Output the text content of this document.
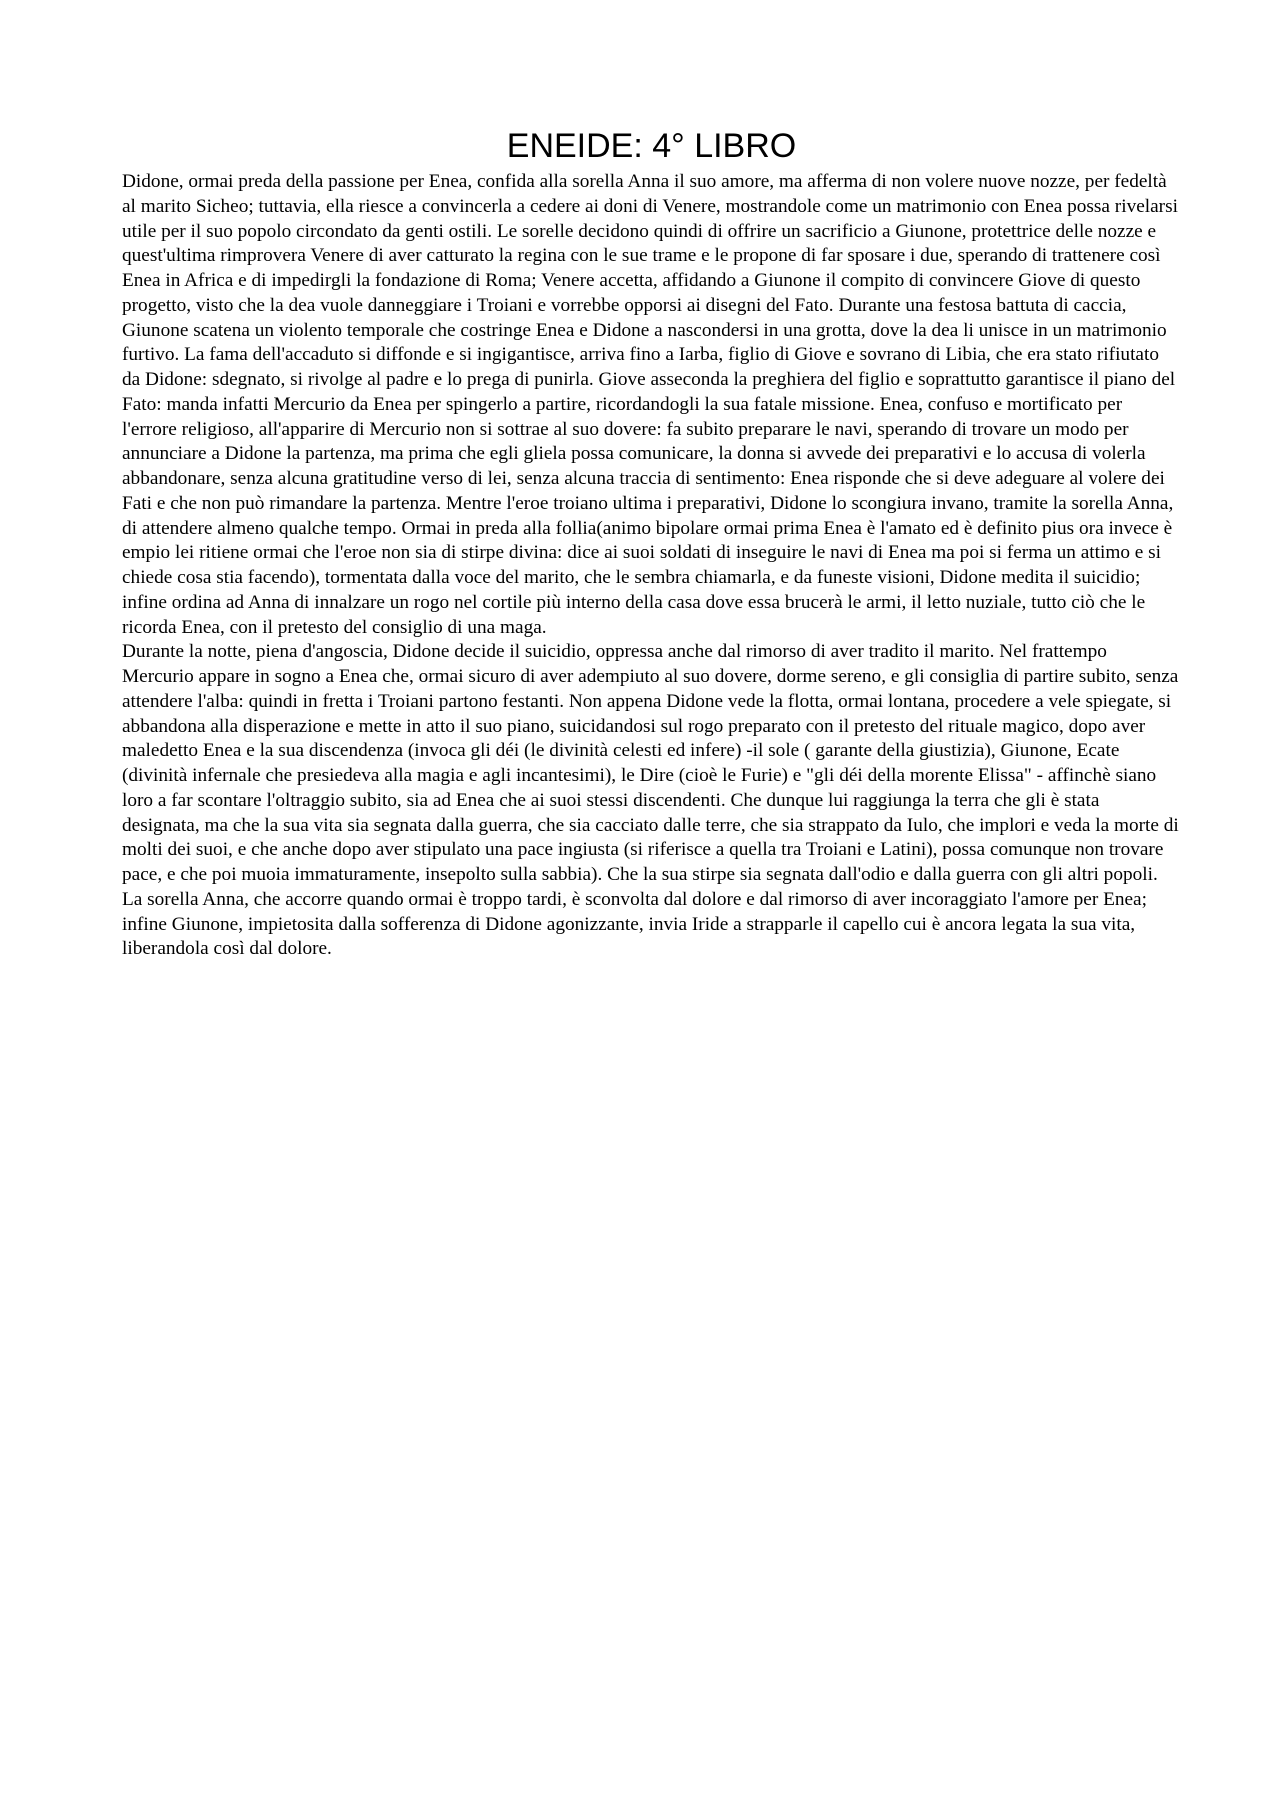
ENEIDE: 4° LIBRO

Didone, ormai preda della passione per Enea, confida alla sorella Anna il suo amore, ma afferma di non volere nuove nozze, per fedeltà al marito Sicheo; tuttavia, ella riesce a convincerla a cedere ai doni di Venere, mostrandole come un matrimonio con Enea possa rivelarsi utile per il suo popolo circondato da genti ostili. Le sorelle decidono quindi di offrire un sacrificio a Giunone, protettrice delle nozze e quest'ultima rimprovera Venere di aver catturato la regina con le sue trame e le propone di far sposare i due, sperando di trattenere così Enea in Africa e di impedirgli la fondazione di Roma; Venere accetta, affidando a Giunone il compito di convincere Giove di questo progetto, visto che la dea vuole danneggiare i Troiani e vorrebbe opporsi ai disegni del Fato. Durante una festosa battuta di caccia, Giunone scatena un violento temporale che costringe Enea e Didone a nascondersi in una grotta, dove la dea li unisce in un matrimonio furtivo. La fama dell'accaduto si diffonde e si ingigantisce, arriva fino a Iarba, figlio di Giove e sovrano di Libia, che era stato rifiutato da Didone: sdegnato, si rivolge al padre e lo prega di punirla. Giove asseconda la preghiera del figlio e soprattutto garantisce il piano del Fato: manda infatti Mercurio da Enea per spingerlo a partire, ricordandogli la sua fatale missione. Enea, confuso e mortificato per l'errore religioso, all'apparire di Mercurio non si sottrae al suo dovere: fa subito preparare le navi, sperando di trovare un modo per annunciare a Didone la partenza, ma prima che egli gliela possa comunicare, la donna si avvede dei preparativi e lo accusa di volerla abbandonare, senza alcuna gratitudine verso di lei, senza alcuna traccia di sentimento: Enea risponde che si deve adeguare al volere dei Fati e che non può rimandare la partenza. Mentre l'eroe troiano ultima i preparativi, Didone lo scongiura invano, tramite la sorella Anna, di attendere almeno qualche tempo. Ormai in preda alla follia(animo bipolare ormai prima Enea è l'amato ed è definito pius ora invece è empio lei ritiene ormai che l'eroe non sia di stirpe divina: dice ai suoi soldati di inseguire le navi di Enea ma poi si ferma un attimo e si chiede cosa stia facendo), tormentata dalla voce del marito, che le sembra chiamarla, e da funeste visioni, Didone medita il suicidio; infine ordina ad Anna di innalzare un rogo nel cortile più interno della casa dove essa brucerà le armi, il letto nuziale, tutto ciò che le ricorda Enea, con il pretesto del consiglio di una maga.

Durante la notte, piena d'angoscia, Didone decide il suicidio, oppressa anche dal rimorso di aver tradito il marito. Nel frattempo Mercurio appare in sogno a Enea che, ormai sicuro di aver adempiuto al suo dovere, dorme sereno, e gli consiglia di partire subito, senza attendere l'alba: quindi in fretta i Troiani partono festanti. Non appena Didone vede la flotta, ormai lontana, procedere a vele spiegate, si abbandona alla disperazione e mette in atto il suo piano, suicidandosi sul rogo preparato con il pretesto del rituale magico, dopo aver maledetto Enea e la sua discendenza (invoca gli déi (le divinità celesti ed infere) -il sole ( garante della giustizia), Giunone, Ecate (divinità infernale che presiedeva alla magia e agli incantesimi), le Dire (cioè le Furie) e "gli déi della morente Elissa" - affinchè siano loro a far scontare l'oltraggio subito, sia ad Enea che ai suoi stessi discendenti. Che dunque lui raggiunga la terra che gli è stata designata, ma che la sua vita sia segnata dalla guerra, che sia cacciato dalle terre, che sia strappato da Iulo, che implori e veda la morte di molti dei suoi, e che anche dopo aver stipulato una pace ingiusta (si riferisce a quella tra Troiani e Latini), possa comunque non trovare pace, e che poi muoia immaturamente, insepolto sulla sabbia). Che la sua stirpe sia segnata dall'odio e dalla guerra con gli altri popoli.

La sorella Anna, che accorre quando ormai è troppo tardi, è sconvolta dal dolore e dal rimorso di aver incoraggiato l'amore per Enea; infine Giunone, impietosita dalla sofferenza di Didone agonizzante, invia Iride a strapparle il capello cui è ancora legata la sua vita, liberandola così dal dolore.
